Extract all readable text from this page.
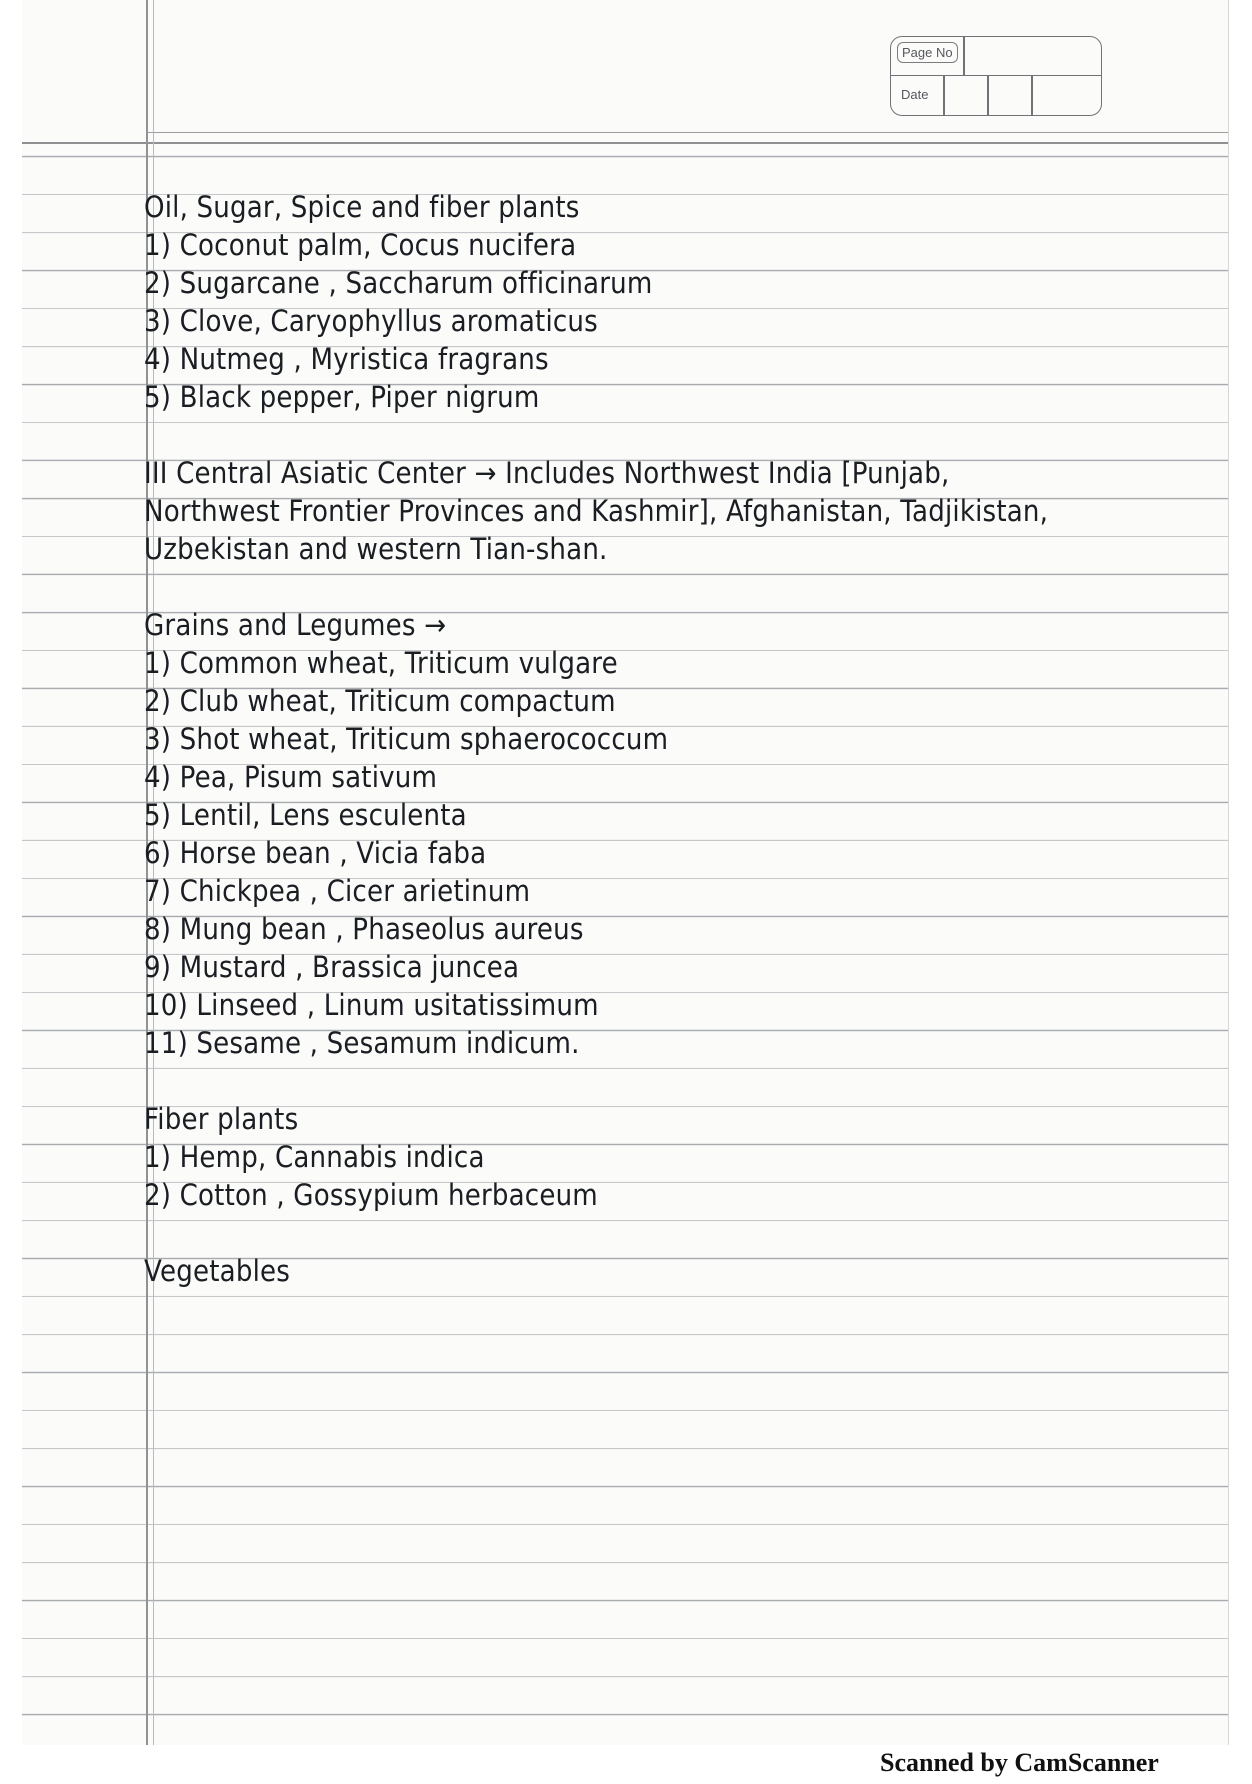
Page No
Date
Oil, Sugar, Spice and fiber plants
1) Coconut palm, Cocus nucifera
2) Sugarcane , Saccharum officinarum
3) Clove, Caryophyllus aromaticus
4) Nutmeg , Myristica fragrans
5) Black pepper, Piper nigrum
III Central Asiatic Center → Includes Northwest India [Punjab,
Northwest Frontier Provinces and Kashmir], Afghanistan, Tadjikistan,
Uzbekistan and western Tian-shan.
Grains and Legumes →
1) Common wheat, Triticum vulgare
2) Club wheat, Triticum compactum
3) Shot wheat, Triticum sphaerococcum
4) Pea, Pisum sativum
5) Lentil, Lens esculenta
6) Horse bean , Vicia faba
7) Chickpea , Cicer arietinum
8) Mung bean , Phaseolus aureus
9) Mustard , Brassica juncea
10) Linseed , Linum usitatissimum
11) Sesame , Sesamum indicum.
Fiber plants
1) Hemp, Cannabis indica
2) Cotton , Gossypium herbaceum
Vegetables
Scanned by CamScanner
